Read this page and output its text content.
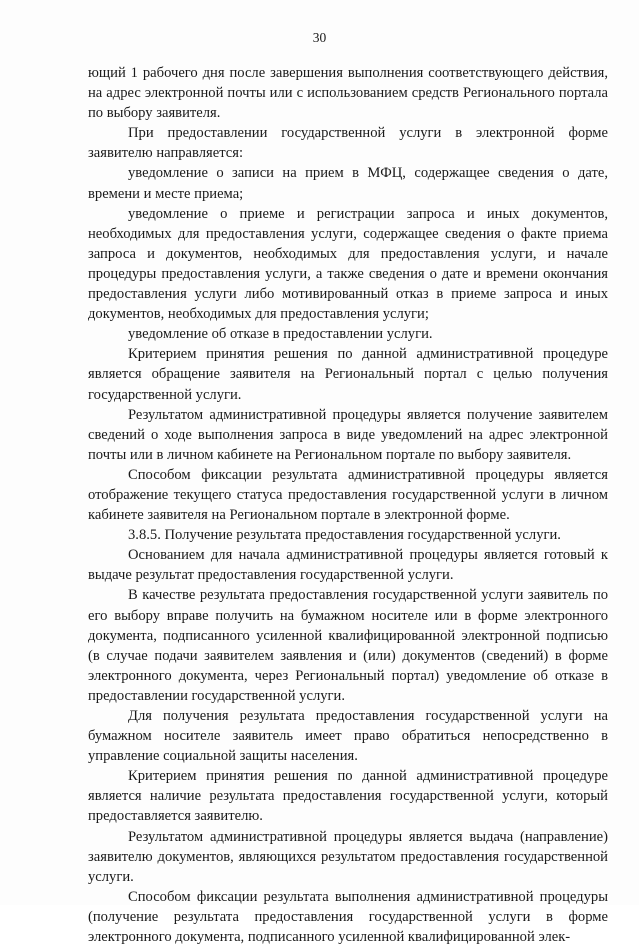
30

ющий 1 рабочего дня после завершения выполнения соответствующего действия, на адрес электронной почты или с использованием средств Регионального портала по выбору заявителя.

При предоставлении государственной услуги в электронной форме заявителю направляется:

уведомление о записи на прием в МФЦ, содержащее сведения о дате, времени и месте приема;

уведомление о приеме и регистрации запроса и иных документов, необходимых для предоставления услуги, содержащее сведения о факте приема запроса и документов, необходимых для предоставления услуги, и начале процедуры предоставления услуги, а также сведения о дате и времени окончания предоставления услуги либо мотивированный отказ в приеме запроса и иных документов, необходимых для предоставления услуги;

уведомление об отказе в предоставлении услуги.

Критерием принятия решения по данной административной процедуре является обращение заявителя на Региональный портал с целью получения государственной услуги.

Результатом административной процедуры является получение заявителем сведений о ходе выполнения запроса в виде уведомлений на адрес электронной почты или в личном кабинете на Региональном портале по выбору заявителя.

Способом фиксации результата административной процедуры является отображение текущего статуса предоставления государственной услуги в личном кабинете заявителя на Региональном портале в электронной форме.

3.8.5. Получение результата предоставления государственной услуги.

Основанием для начала административной процедуры является готовый к выдаче результат предоставления государственной услуги.

В качестве результата предоставления государственной услуги заявитель по его выбору вправе получить на бумажном носителе или в форме электронного документа, подписанного усиленной квалифицированной электронной подписью (в случае подачи заявителем заявления и (или) документов (сведений) в форме электронного документа, через Региональный портал) уведомление об отказе в предоставлении государственной услуги.

Для получения результата предоставления государственной услуги на бумажном носителе заявитель имеет право обратиться непосредственно в управление социальной защиты населения.

Критерием принятия решения по данной административной процедуре является наличие результата предоставления государственной услуги, который предоставляется заявителю.

Результатом административной процедуры является выдача (направление) заявителю документов, являющихся результатом предоставления государственной услуги.

Способом фиксации результата выполнения административной процедуры (получение результата предоставления государственной услуги в форме электронного документа, подписанного усиленной квалифицированной элек-
